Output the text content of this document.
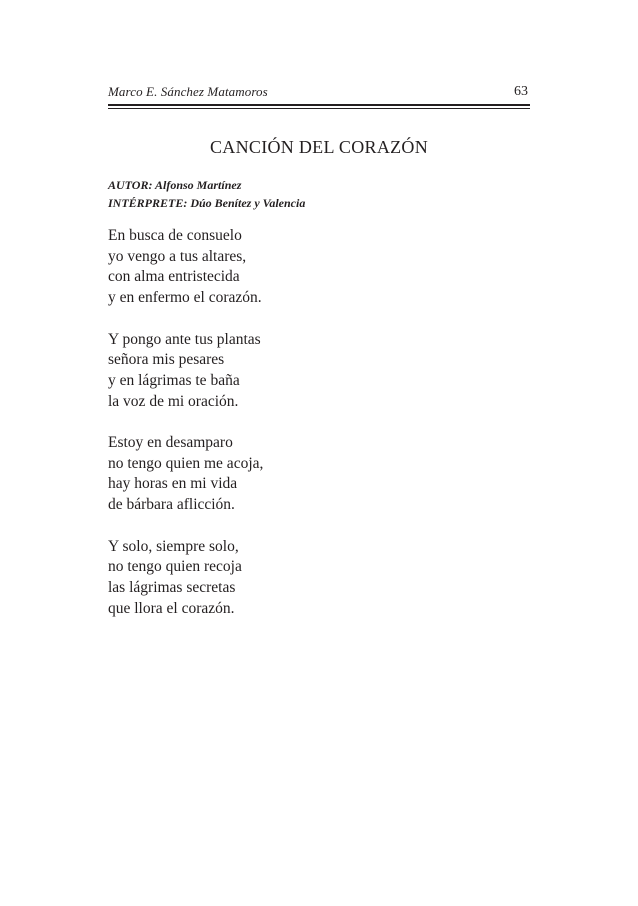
Marco E. Sánchez Matamoros	63
CANCIÓN DEL CORAZÓN
AUTOR: Alfonso Martínez
INTÉRPRETE: Dúo Benítez y Valencia
En busca de consuelo
yo vengo a tus altares,
con alma entristecida
y en enfermo el corazón.
Y pongo ante tus plantas
señora mis pesares
y en lágrimas te baña
la voz de mi oración.
Estoy en desamparo
no tengo quien me acoja,
hay horas en mi vida
de bárbara aflicción.
Y solo, siempre solo,
no tengo quien recoja
las lágrimas secretas
que llora el corazón.
